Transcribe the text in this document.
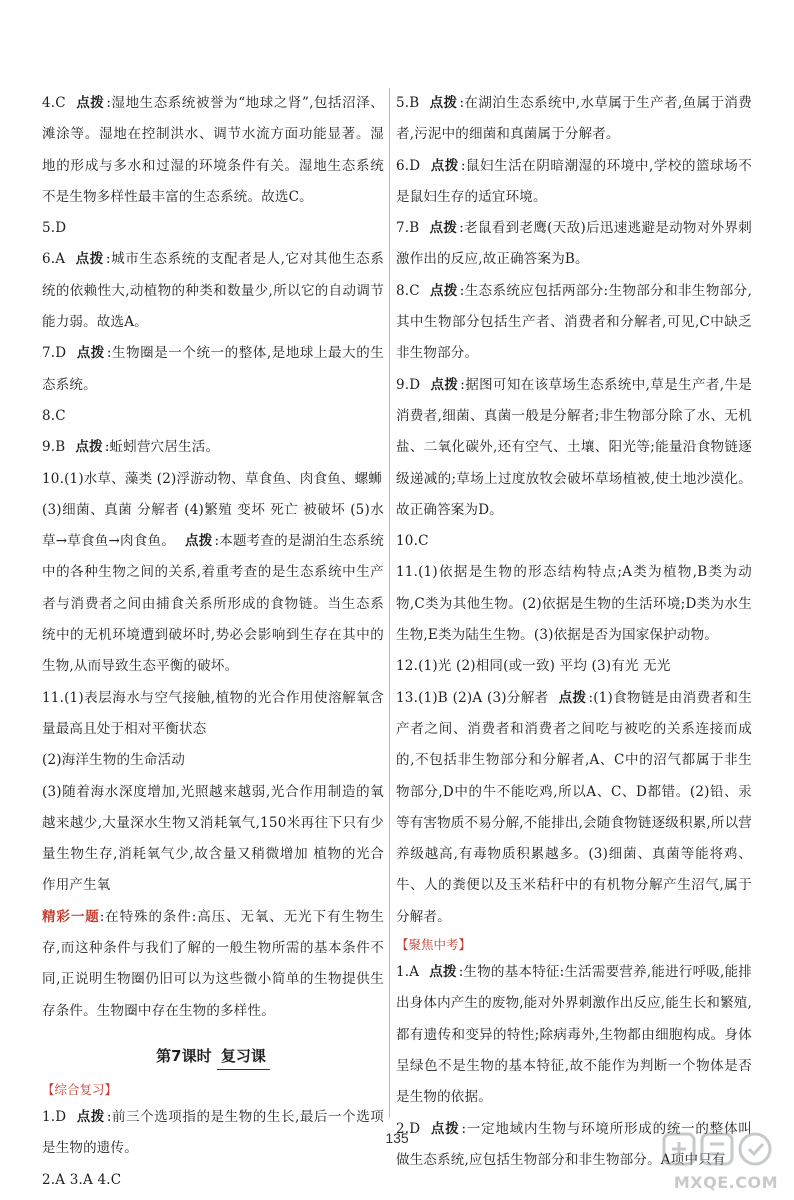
4.C 点拨 :湿地生态系统被誉为“地球之肾”,包括沼泽、滩涂等。湿地在控制洪水、调节水流方面功能显著。湿地的形成与多水和过湿的环境条件有关。湿地生态系统不是生物多样性最丰富的生态系统。故选C。
5.D
6.A 点拨 :城市生态系统的支配者是人,它对其他生态系统的依赖性大,动植物的种类和数量少,所以它的自动调节能力弱。故选A。
7.D 点拨 :生物圈是一个统一的整体,是地球上最大的生态系统。
8.C
9.B 点拨 :蚯蚓营穴居生活。
10.(1)水草、藻类 (2)浮游动物、草食鱼、肉食鱼、螺蛳
(3)细菌、真菌 分解者 (4)繁殖 变坏 死亡 被破坏 (5)水草→草食鱼→肉食鱼。 点拨 :本题考查的是湖泊生态系统中的各种生物之间的关系,着重考查的是生态系统中生产者与消费者之间由捕食关系所形成的食物链。当生态系统中的无机环境遭到破坏时,势必会影响到生存在其中的生物,从而导致生态平衡的破坏。
11.(1)表层海水与空气接触,植物的光合作用使溶解氧含量最高且处于相对平衡状态
(2)海洋生物的生命活动
(3)随着海水深度增加,光照越来越弱,光合作用制造的氧越来越少,大量深水生物又消耗氧气,150米再往下只有少量生物生存,消耗氧气少,故含量又稍微增加 植物的光合作用产生氧
精彩一题:在特殊的条件:高压、无氧、无光下有生物生存,而这种条件与我们了解的一般生物所需的基本条件不同,正说明生物圈仍旧可以为这些微小简单的生物提供生存条件。生物圈中存在生物的多样性。
第7课时 复习课
【综合复习】
1.D 点拨 :前三个选项指的是生物的生长,最后一个选项是生物的遗传。
2.A 3.A 4.C
5.B 点拨 :在湖泊生态系统中,水草属于生产者,鱼属于消费者,污泥中的细菌和真菌属于分解者。
6.D 点拨 :鼠妇生活在阴暗潮湿的环境中,学校的篮球场不是鼠妇生存的适宜环境。
7.B 点拨 :老鼠看到老鹰(天敌)后迅速逃避是动物对外界刺激作出的反应,故正确答案为B。
8.C 点拨 :生态系统应包括两部分:生物部分和非生物部分,其中生物部分包括生产者、消费者和分解者,可见,C中缺乏非生物部分。
9.D 点拨 :据图可知在该草场生态系统中,草是生产者,牛是消费者,细菌、真菌一般是分解者;非生物部分除了水、无机盐、二氧化碳外,还有空气、土壤、阳光等;能量沿食物链逐级递减的;草场上过度放牧会破坏草场植被,使土地沙漠化。故正确答案为D。
10.C
11.(1)依据是生物的形态结构特点;A类为植物,B类为动物,C类为其他生物。(2)依据是生物的生活环境;D类为水生生物,E类为陆生生物。(3)依据是否为国家保护动物。
12.(1)光 (2)相同(或一致) 平均 (3)有光 无光
13.(1)B (2)A (3)分解者 点拨 :(1)食物链是由消费者和生产者之间、消费者和消费者之间吃与被吃的关系连接而成的,不包括非生物部分和分解者,A、C中的沼气都属于非生物部分,D中的牛不能吃鸡,所以A、C、D都错。(2)铅、汞等有害物质不易分解,不能排出,会随食物链逐级积累,所以营养级越高,有毒物质积累越多。(3)细菌、真菌等能将鸡、牛、人的粪便以及玉米秸秆中的有机物分解产生沼气,属于分解者。
【聚焦中考】
1.A 点拨 :生物的基本特征:生活需要营养,能进行呼吸,能排出身体内产生的废物,能对外界刺激作出反应,能生长和繁殖,都有遗传和变异的特性;除病毒外,生物都由细胞构成。身体呈绿色不是生物的基本特征,故不能作为判断一个物体是否是生物的依据。
2.D 点拨 :一定地域内生物与环境所形成的统一的整体叫做生态系统,应包括生物部分和非生物部分。A项中只有
135
MXQE.COM
